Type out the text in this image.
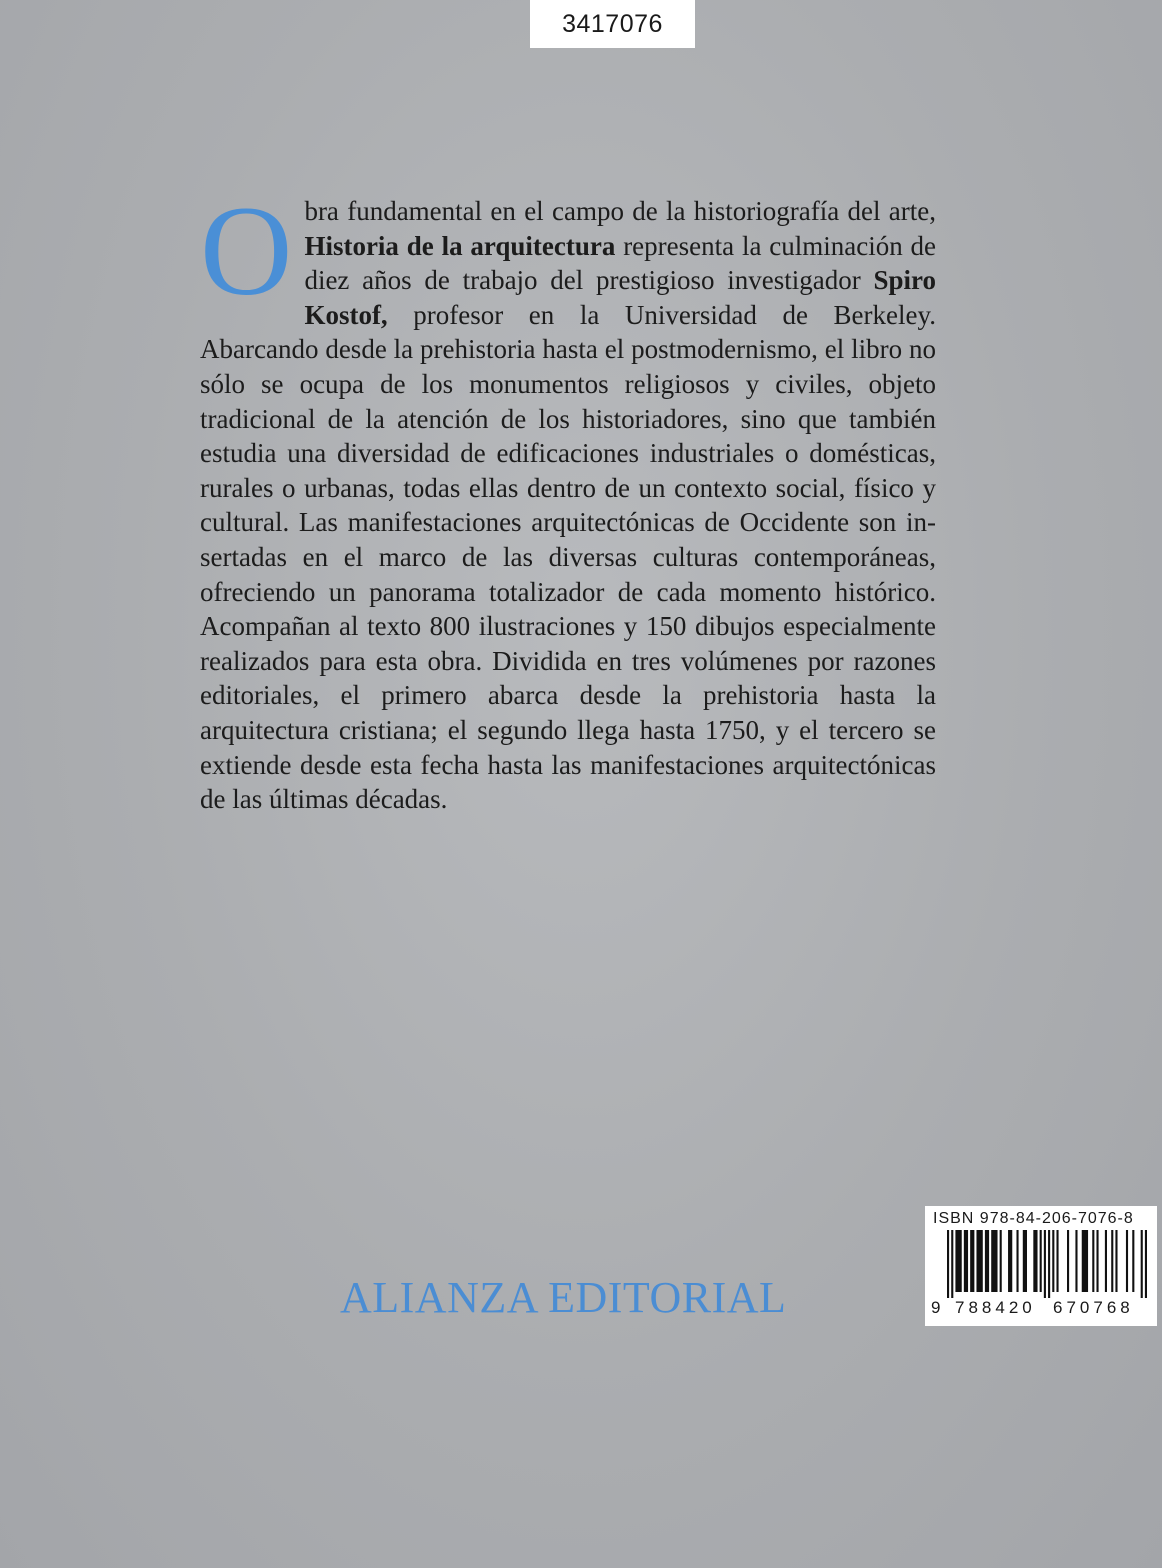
3417076
O bra fundamental en el campo de la historiografía del arte, Historia de la arquitectura representa la culminación de diez años de trabajo del prestigioso investigador Spiro Kostof, profesor en la Universidad de Berkeley. Abarcando desde la prehistoria hasta el postmodernismo, el libro no sólo se ocupa de los monumentos religiosos y civiles, objeto tradicional de la atención de los historiadores, sino que también estudia una diversidad de edificaciones industriales o domésticas, rurales o urbanas, todas ellas dentro de un contexto social, físico y cultural. Las manifestaciones arquitectónicas de Occidente son insertadas en el marco de las diversas culturas contemporáneas, ofreciendo un panorama totalizador de cada momento histórico. Acompañan al texto 800 ilustraciones y 150 dibujos especialmente realizados para esta obra. Dividida en tres volúmenes por razones editoriales, el primero abarca desde la prehistoria hasta la arquitectura cristiana; el segundo llega hasta 1750, y el tercero se extiende desde esta fecha hasta las manifestaciones arquitectónicas de las últimas décadas.

ALIANZA EDITORIAL
ISBN 978-84-206-7076-8
9 788420 670768
